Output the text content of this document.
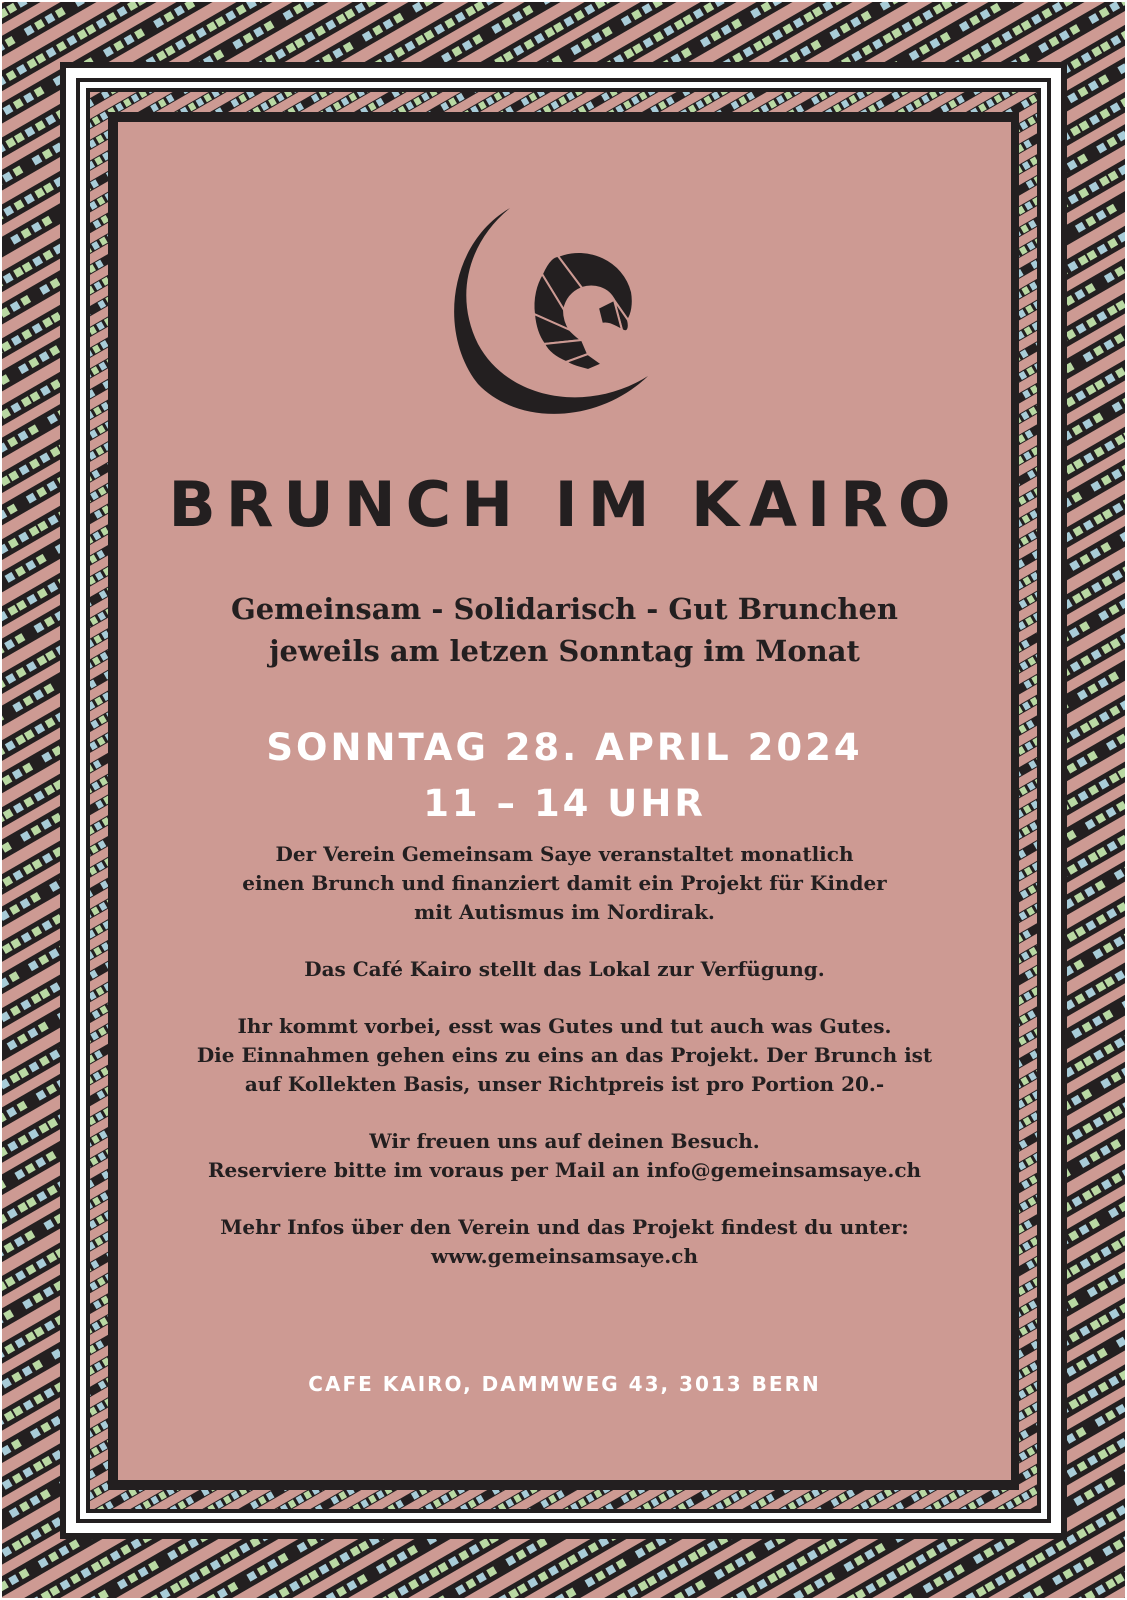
BRUNCH IM KAIRO
Gemeinsam - Solidarisch - Gut Brunchen
jeweils am letzen Sonntag im Monat
SONNTAG 28. APRIL 2024
11 – 14 UHR

Der Verein Gemeinsam Saye veranstaltet monatlich
einen Brunch und finanziert damit ein Projekt für Kinder
mit Autismus im Nordirak.

Das Café Kairo stellt das Lokal zur Verfügung.

Ihr kommt vorbei, esst was Gutes und tut auch was Gutes.
Die Einnahmen gehen eins zu eins an das Projekt. Der Brunch ist
auf Kollekten Basis, unser Richtpreis ist pro Portion 20.-

Wir freuen uns auf deinen Besuch.
Reserviere bitte im voraus per Mail an info@gemeinsamsaye.ch

Mehr Infos über den Verein und das Projekt findest du unter:
www.gemeinsamsaye.ch

CAFE KAIRO, DAMMWEG 43, 3013 BERN
